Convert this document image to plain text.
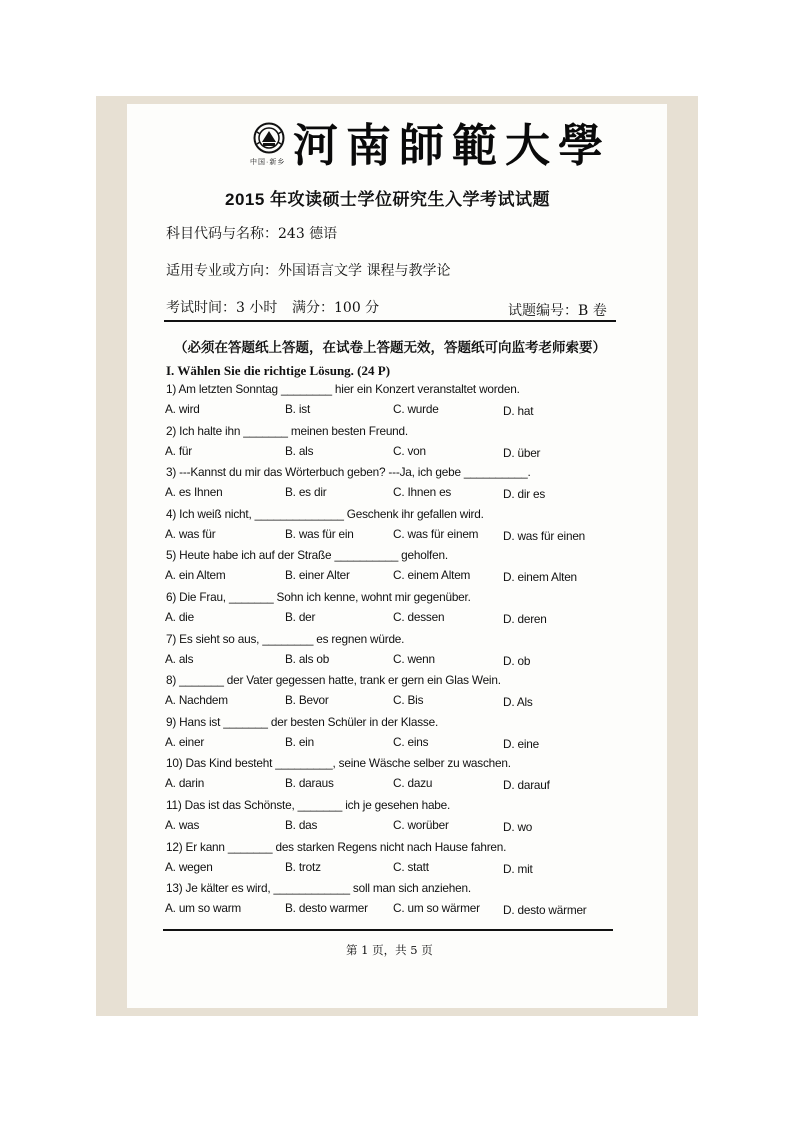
中国·新乡 河南師範大學
2015 年攻读硕士学位研究生入学考试试题
科目代码与名称：243 德语
适用专业或方向：外国语言文学 课程与教学论
考试时间：3 小时 满分：100 分	试题编号：B 卷
（必须在答题纸上答题，在试卷上答题无效，答题纸可向监考老师索要）
I. Wählen Sie die richtige Lösung. (24 P)
1) Am letzten Sonntag ________ hier ein Konzert veranstaltet worden.
A. wird	B. ist	C. wurde	D. hat
2) Ich halte ihn _______ meinen besten Freund.
A. für	B. als	C. von	D. über
3) ---Kannst du mir das Wörterbuch geben? ---Ja, ich gebe __________.
A. es Ihnen	B. es dir	C. Ihnen es	D. dir es
4) Ich weiß nicht, ______________ Geschenk ihr gefallen wird.
A. was für	B. was für ein	C. was für einem D. was für einen
5) Heute habe ich auf der Straße __________ geholfen.
A. ein Altem	B. einer Alter	C. einem Altem	D. einem Alten
6) Die Frau, _______ Sohn ich kenne, wohnt mir gegenüber.
A. die	B. der	C. dessen	D. deren
7) Es sieht so aus, ________ es regnen würde.
A. als	B. als ob	C. wenn	D. ob
8) _______ der Vater gegessen hatte, trank er gern ein Glas Wein.
A. Nachdem	B. Bevor	C. Bis	D. Als
9) Hans ist _______ der besten Schüler in der Klasse.
A. einer	B. ein	C. eins	D. eine
10) Das Kind besteht _________, seine Wäsche selber zu waschen.
A. darin	B. daraus	C. dazu	D. darauf
11) Das ist das Schönste, _______ ich je gesehen habe.
A. was	B. das	C. worüber	D. wo
12) Er kann _______ des starken Regens nicht nach Hause fahren.
A. wegen	B. trotz	C. statt	D. mit
13) Je kälter es wird, ____________ soll man sich anziehen.
A. um so warm	B. desto warmer C. um so wärmer D. desto wärmer
第 1 页，共 5 页
